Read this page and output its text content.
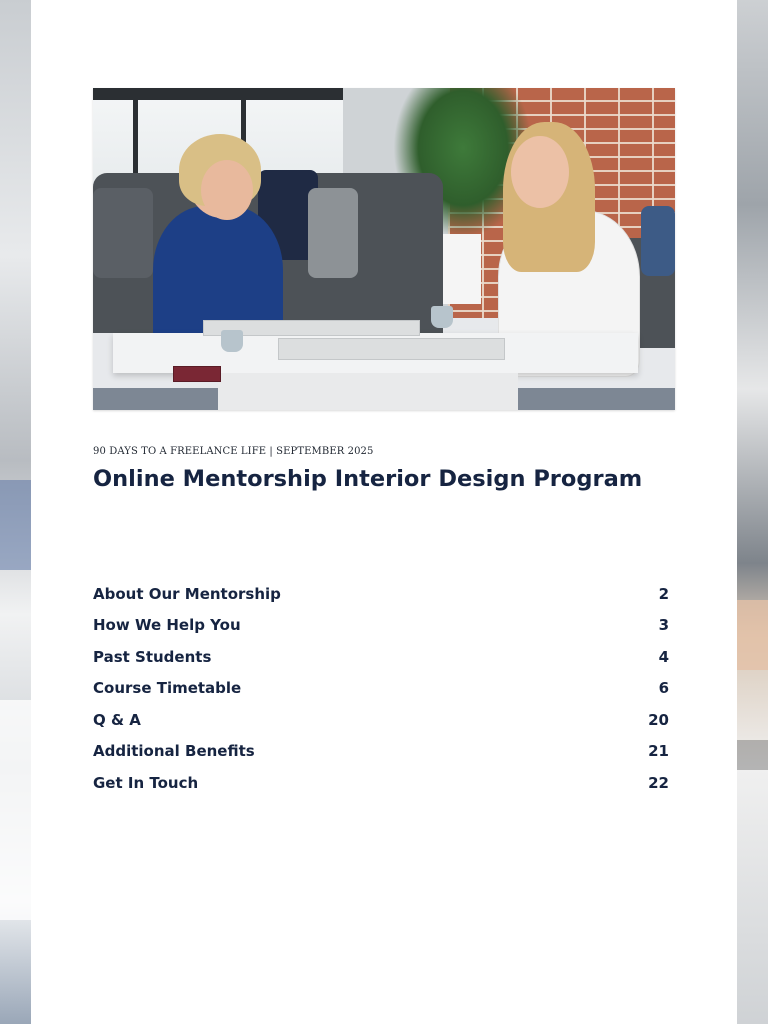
90 DAYS TO A FREELANCE LIFE | SEPTEMBER 2025
Online Mentorship Interior Design Program
About Our Mentorship	2
How We Help You	3
Past Students	4
Course Timetable	6
Q & A	20
Additional Benefits	21
Get In Touch	22
